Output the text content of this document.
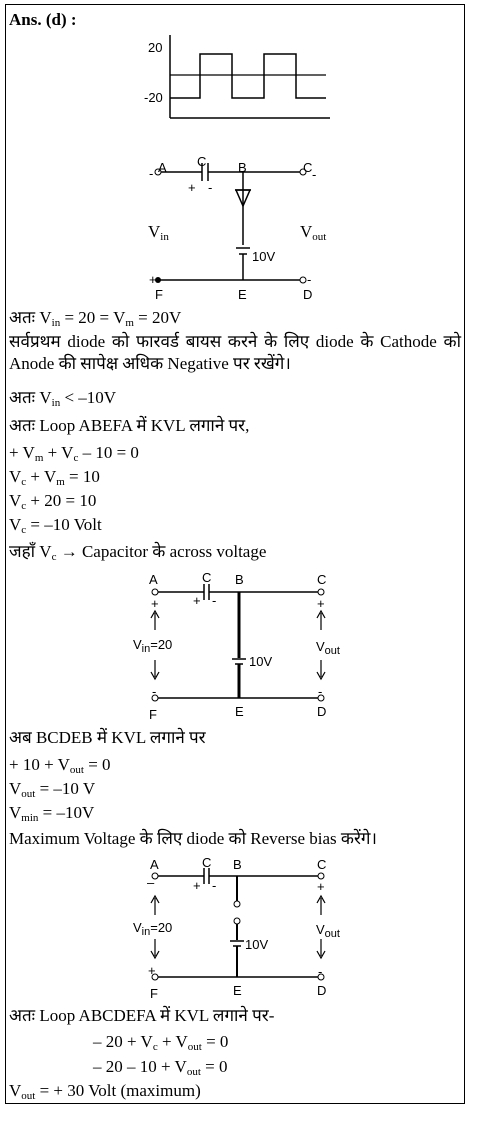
Ans. (d) :
20
-20
A C B	C
-	-
+ -
$V_{in}$	$V_{out}$
10V
+	-
F	E	D
अतः $V_{in} = 20 = V_m = 20V$
सर्वप्रथम diode को फारवर्ड बायस करने के लिए diode के Cathode को Anode की सापेक्ष अधिक Negative पर रखेंगे।
अतः $V_{in} < -10V$
अतः Loop ABEFA में KVL लगाने पर,
+ $V_m + V_c - 10 = 0$
$V_c + V_m = 10$
$V_c + 20 = 10$
$V_c = -10$ Volt
जहाँ $V_c$ → Capacitor के across voltage
A	C B	C
+	+ -	+
$V_{in}=20$	$V_{out}$
10V
-	-
F	E	D
अब BCDEB में KVL लगाने पर
+ $10 + V_{out} = 0$
$V_{out} = -10$ V
$V_{min} = -10V$
Maximum Voltage के लिए diode को Reverse bias करेंगे।
A	C B	C
–	+ -	+
$V_{in}=20$	$V_{out}$
10V
+	-
F	E	D
अतः Loop ABCDEFA में KVL लगाने पर-
– $20 + V_c + V_{out} = 0$
– $20 - 10 + V_{out} = 0$
$V_{out}$ = + 30 Volt (maximum)
